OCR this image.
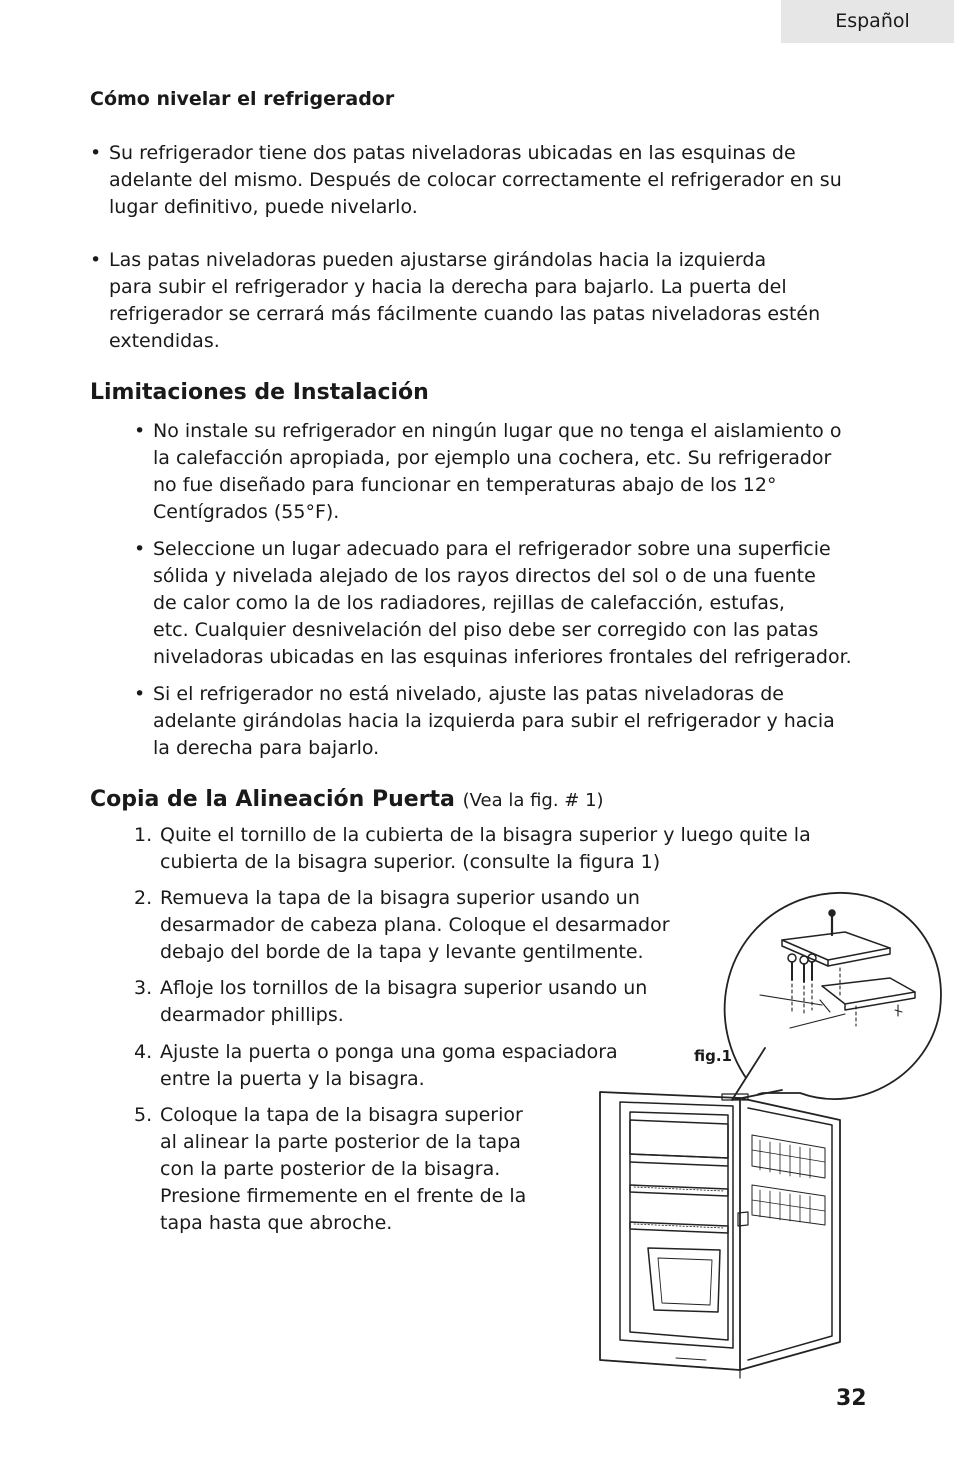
Español
Cómo nivelar el refrigerador
• Su refrigerador tiene dos patas niveladoras ubicadas en las esquinas de
adelante del mismo. Después de colocar correctamente el refrigerador en su
lugar definitivo, puede nivelarlo.
• Las patas niveladoras pueden ajustarse girándolas hacia la izquierda
para subir el refrigerador y hacia la derecha para bajarlo. La puerta del
refrigerador se cerrará más fácilmente cuando las patas niveladoras estén
extendidas.
Limitaciones de Instalación
• No instale su refrigerador en ningún lugar que no tenga el aislamiento o
la calefacción apropiada, por ejemplo una cochera, etc. Su refrigerador
no fue diseñado para funcionar en temperaturas abajo de los 12°
Centígrados (55°F).
• Seleccione un lugar adecuado para el refrigerador sobre una superficie
sólida y nivelada alejado de los rayos directos del sol o de una fuente
de calor como la de los radiadores, rejillas de calefacción, estufas,
etc. Cualquier desnivelación del piso debe ser corregido con las patas
niveladoras ubicadas en las esquinas inferiores frontales del refrigerador.
• Si el refrigerador no está nivelado, ajuste las patas niveladoras de
adelante girándolas hacia la izquierda para subir el refrigerador y hacia
la derecha para bajarlo.
Copia de la Alineación Puerta (Vea la fig. # 1)
1. Quite el tornillo de la cubierta de la bisagra superior y luego quite la
cubierta de la bisagra superior. (consulte la figura 1)
2. Remueva la tapa de la bisagra superior usando un
desarmador de cabeza plana. Coloque el desarmador
debajo del borde de la tapa y levante gentilmente.
3. Afloje los tornillos de la bisagra superior usando un
dearmador phillips.
4. Ajuste la puerta o ponga una goma espaciadora
entre la puerta y la bisagra.
5. Coloque la tapa de la bisagra superior
al alinear la parte posterior de la tapa
con la parte posterior de la bisagra.
Presione firmemente en el frente de la
tapa hasta que abroche.
fig.1
32
